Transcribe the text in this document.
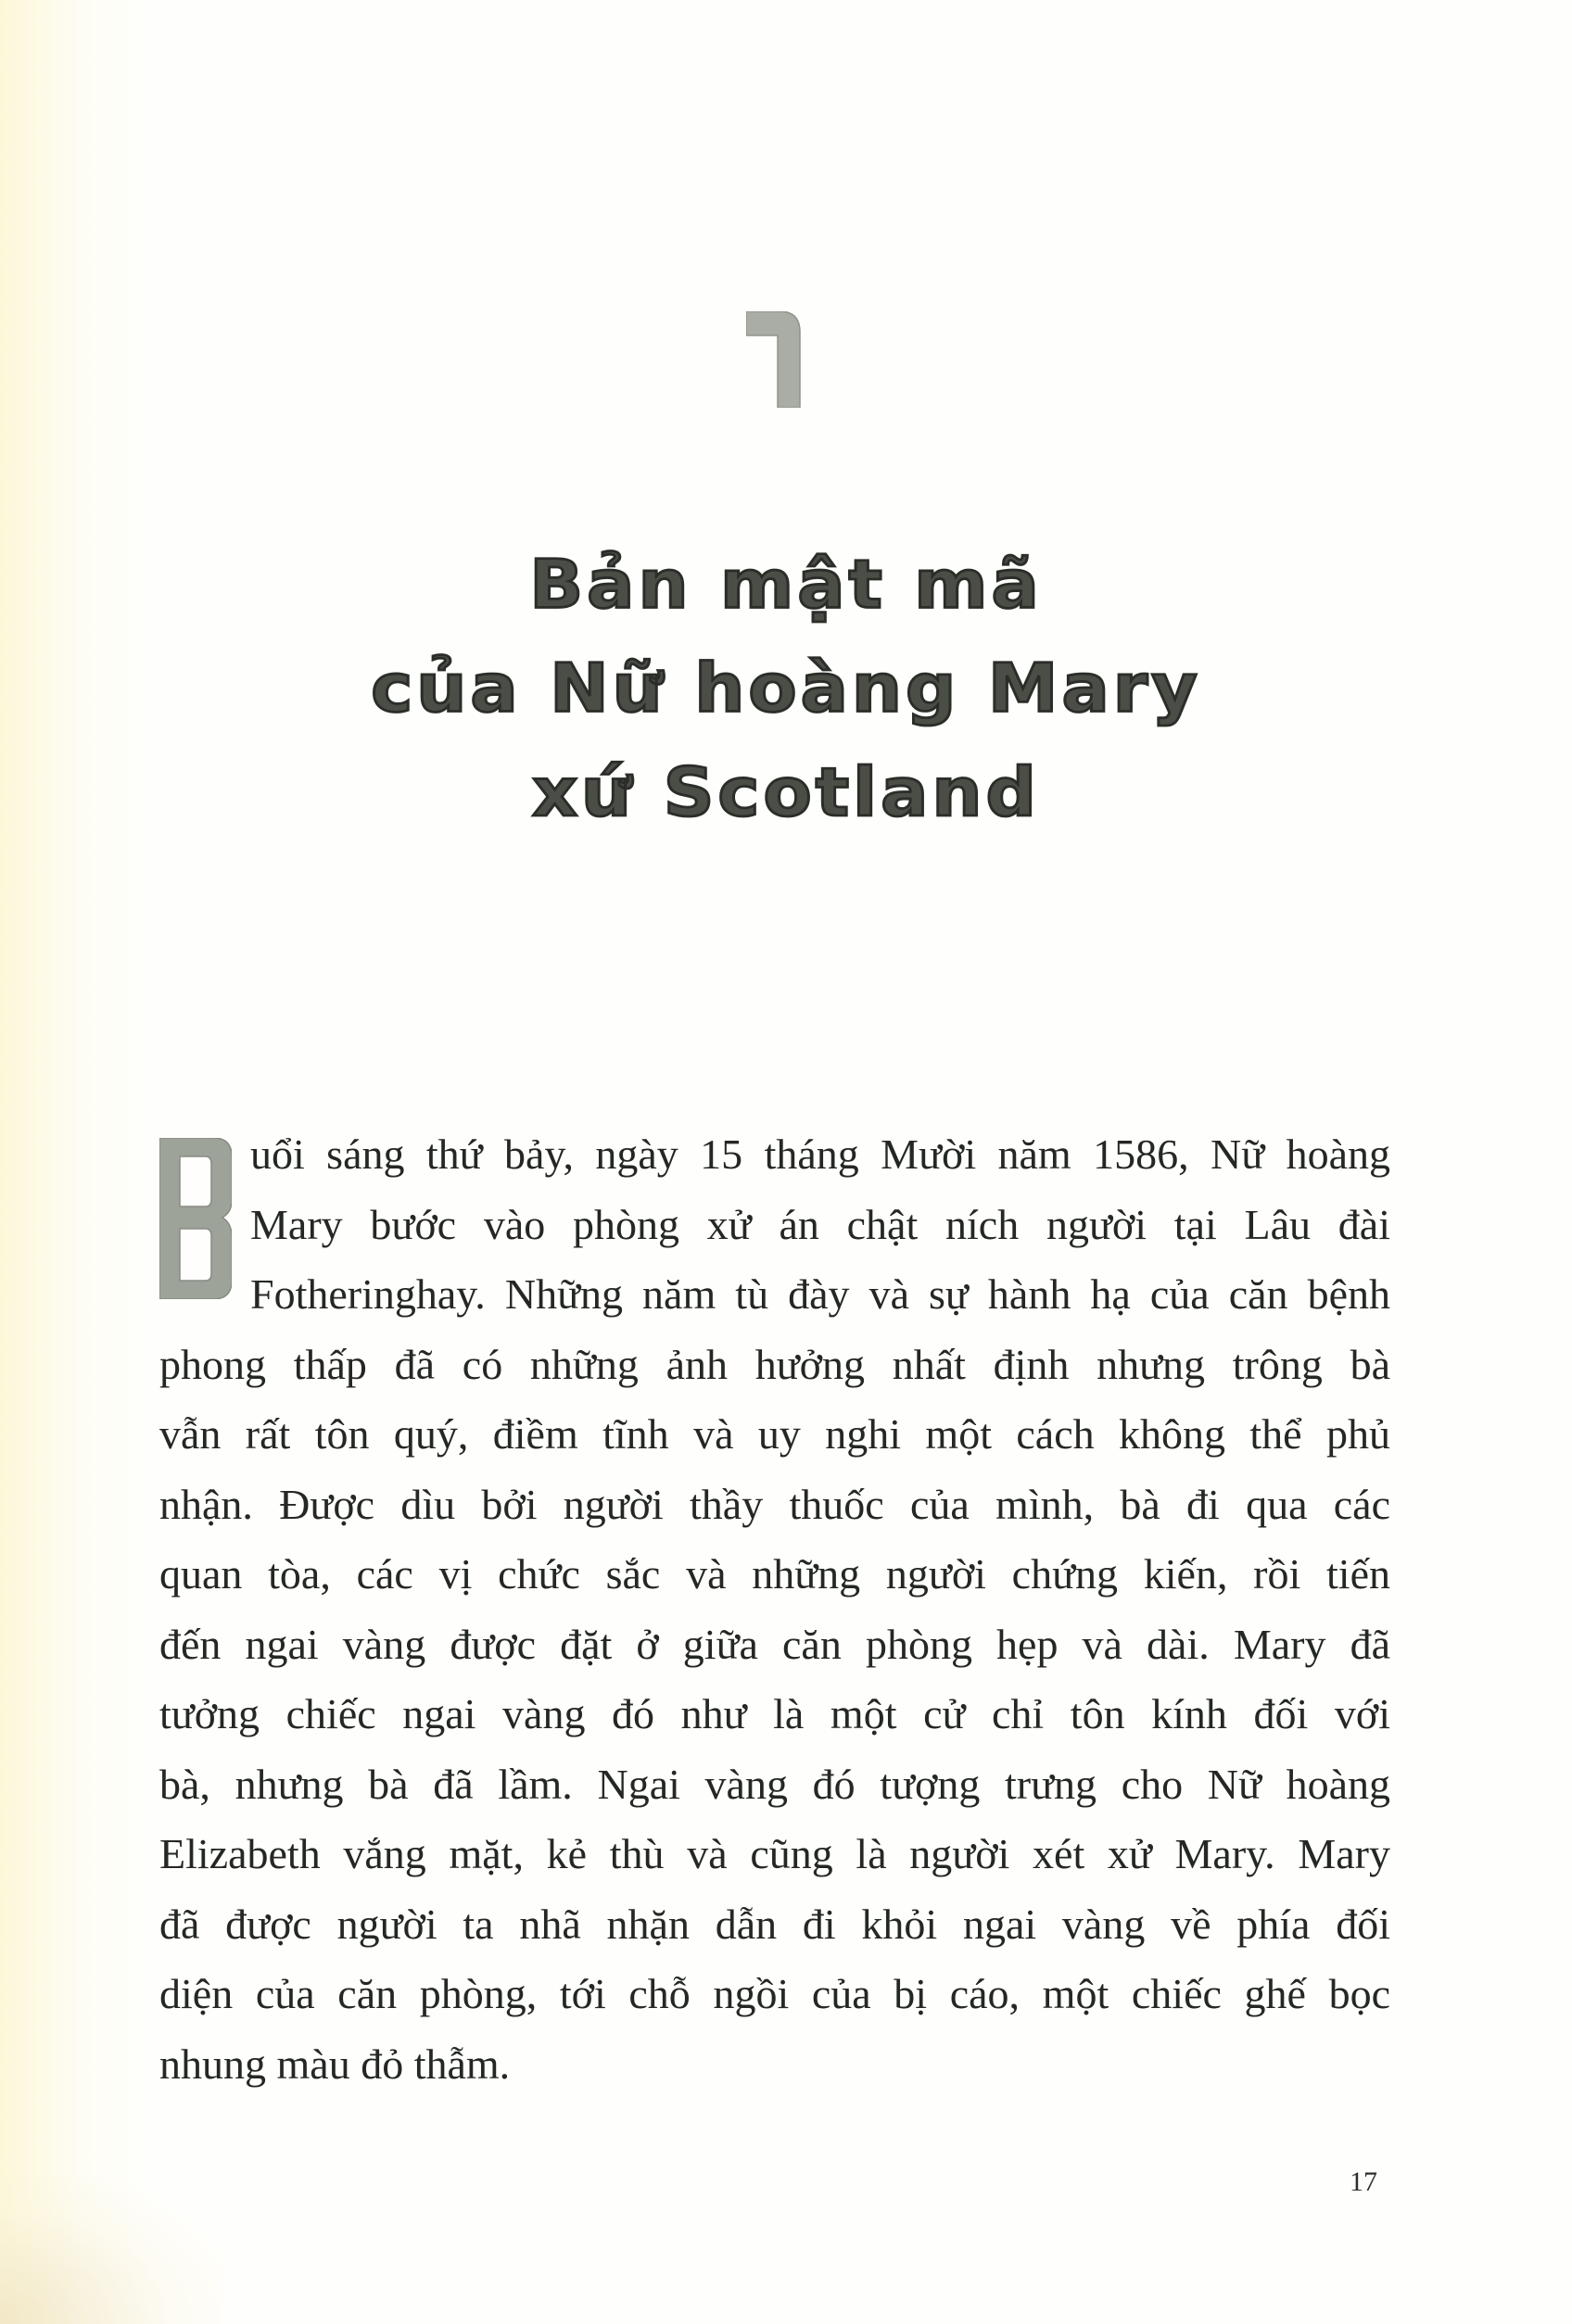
Bản mật mã
của Nữ hoàng Mary
xứ Scotland
uổi sáng thứ bảy, ngày 15 tháng Mười năm 1586, Nữ hoàng
Mary bước vào phòng xử án chật ních người tại Lâu đài
Fotheringhay. Những năm tù đày và sự hành hạ của căn bệnh
phong thấp đã có những ảnh hưởng nhất định nhưng trông bà
vẫn rất tôn quý, điềm tĩnh và uy nghi một cách không thể phủ
nhận. Được dìu bởi người thầy thuốc của mình, bà đi qua các
quan tòa, các vị chức sắc và những người chứng kiến, rồi tiến
đến ngai vàng được đặt ở giữa căn phòng hẹp và dài. Mary đã
tưởng chiếc ngai vàng đó như là một cử chỉ tôn kính đối với
bà, nhưng bà đã lầm. Ngai vàng đó tượng trưng cho Nữ hoàng
Elizabeth vắng mặt, kẻ thù và cũng là người xét xử Mary. Mary
đã được người ta nhã nhặn dẫn đi khỏi ngai vàng về phía đối
diện của căn phòng, tới chỗ ngồi của bị cáo, một chiếc ghế bọc
nhung màu đỏ thẫm.
17
